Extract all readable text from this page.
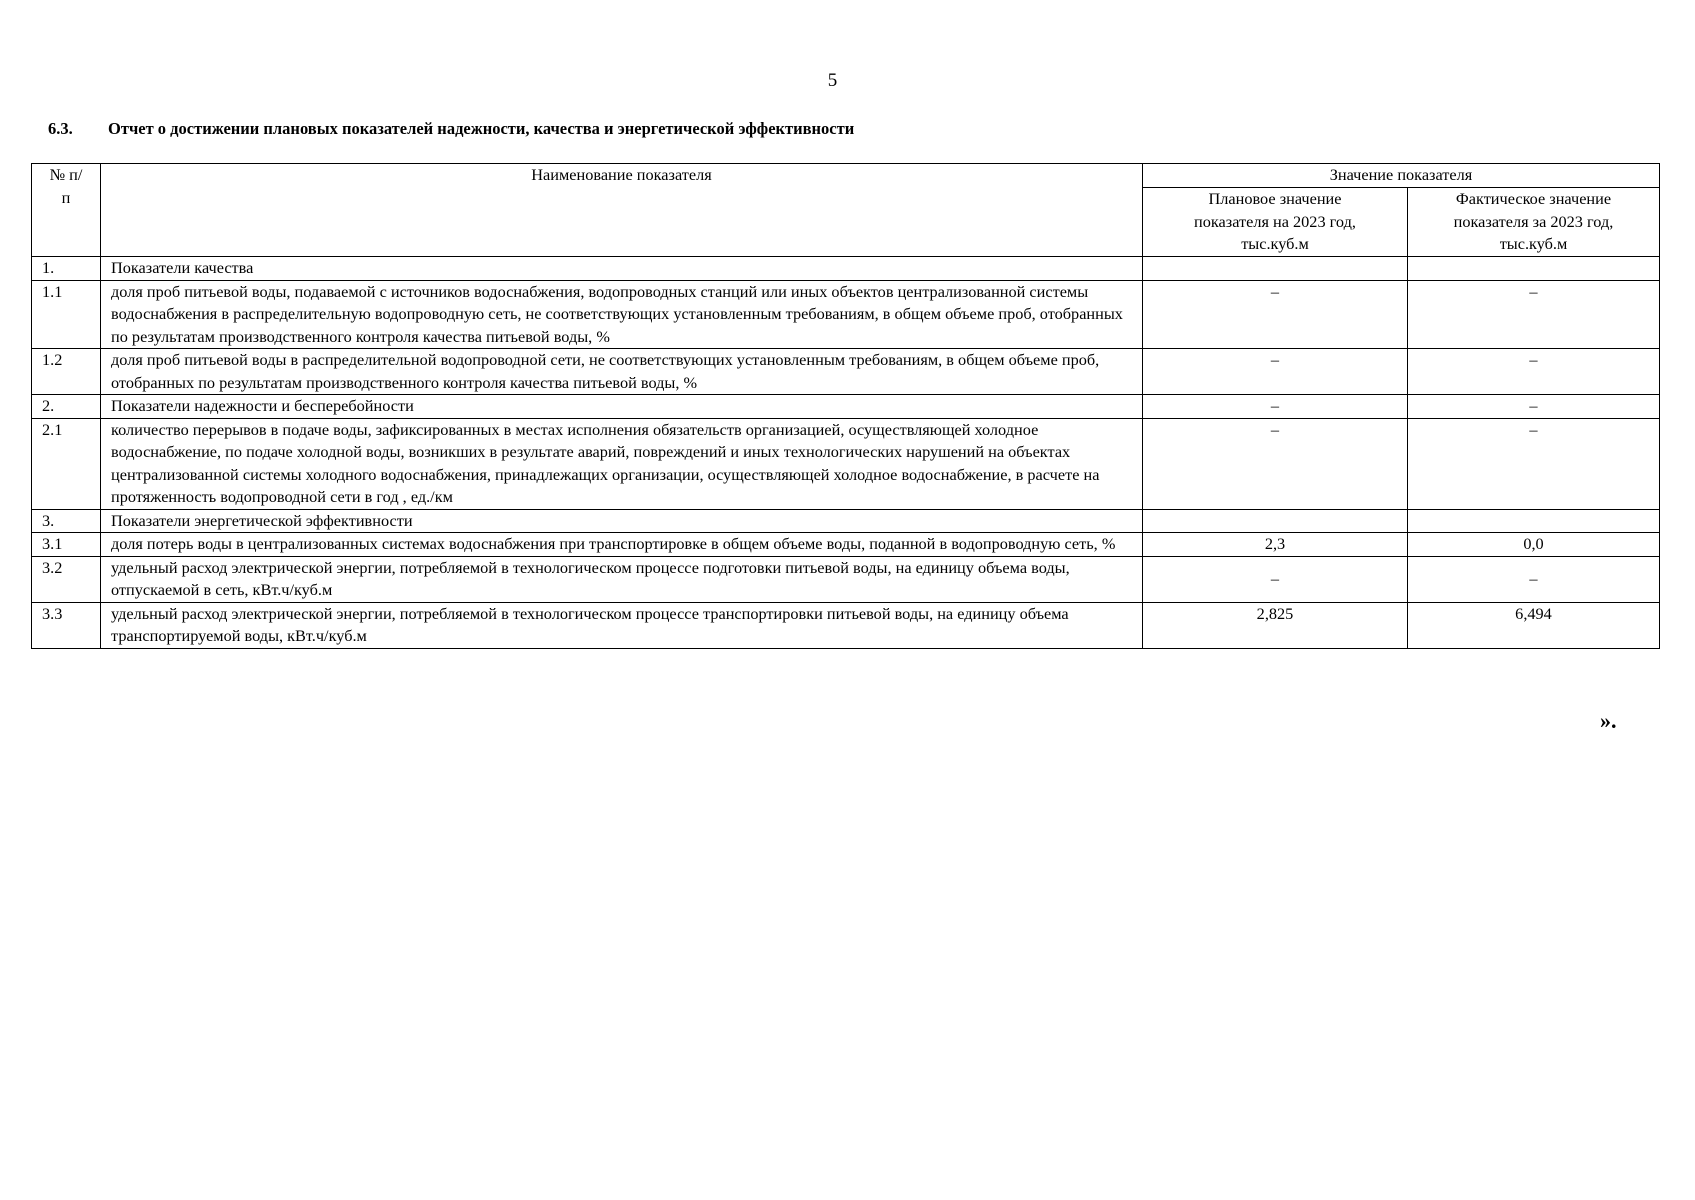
5
6.3. Отчет о достижении плановых показателей надежности, качества и энергетической эффективности
№ п/п	Наименование показателя	Значение показателя	
		Плановое значение показателя на 2023 год, тыс.куб.м	Фактическое значение показателя за 2023 год, тыс.куб.м
1.	Показатели качества		
1.1	доля проб питьевой воды, подаваемой с источников водоснабжения, водопроводных станций или иных объектов централизованной системы водоснабжения в распределительную водопроводную сеть, не соответствующих установленным требованиям, в общем объеме проб, отобранных по результатам производственного контроля качества питьевой воды, %	–	–
1.2	доля проб питьевой воды в распределительной водопроводной сети, не соответствующих установленным требованиям, в общем объеме проб, отобранных по результатам производственного контроля качества питьевой воды, %	–	–
2.	Показатели надежности и бесперебойности	–	–
2.1	количество перерывов в подаче воды, зафиксированных в местах исполнения обязательств организацией, осуществляющей холодное водоснабжение, по подаче холодной воды, возникших в результате аварий, повреждений и иных технологических нарушений на объектах централизованной системы холодного водоснабжения, принадлежащих организации, осуществляющей холодное водоснабжение, в расчете на протяженность водопроводной сети в год , ед./км	–	–
3.	Показатели энергетической эффективности		
3.1	доля потерь воды в централизованных системах водоснабжения при транспортировке в общем объеме воды, поданной в водопроводную сеть, %	2,3	0,0
3.2	удельный расход электрической энергии, потребляемой в технологическом процессе подготовки питьевой воды, на единицу объема воды, отпускаемой в сеть, кВт.ч/куб.м	–	–
3.3	удельный расход электрической энергии, потребляемой в технологическом процессе транспортировки питьевой воды, на единицу объема транспортируемой воды, кВт.ч/куб.м	2,825	6,494
».
